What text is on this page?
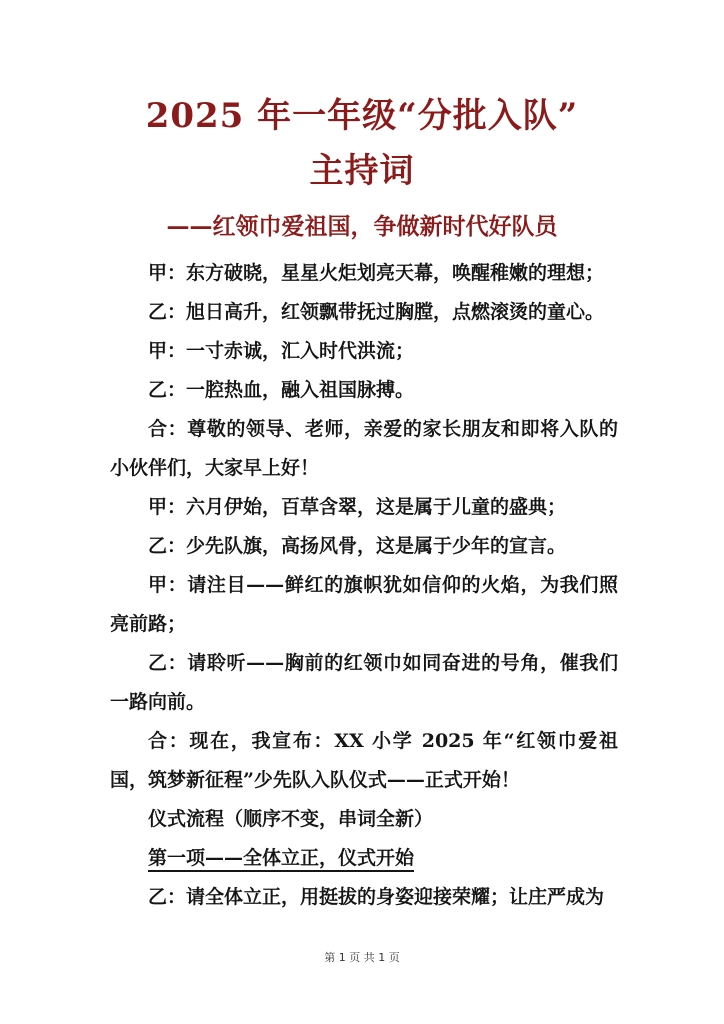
2025 年一年级“分批入队”
主持词
——红领巾爱祖国，争做新时代好队员

甲：东方破晓，星星火炬划亮天幕，唤醒稚嫩的理想；

乙：旭日高升，红领飘带抚过胸膛，点燃滚烫的童心。

甲：一寸赤诚，汇入时代洪流；

乙：一腔热血，融入祖国脉搏。

合：尊敬的领导、老师，亲爱的家长朋友和即将入队的小伙伴们，大家早上好！

甲：六月伊始，百草含翠，这是属于儿童的盛典；

乙：少先队旗，高扬风骨，这是属于少年的宣言。

甲：请注目——鲜红的旗帜犹如信仰的火焰，为我们照亮前路；

乙：请聆听——胸前的红领巾如同奋进的号角，催我们一路向前。

合：现在，我宣布：XX 小学 2025 年“红领巾爱祖国，筑梦新征程”少先队入队仪式——正式开始！

仪式流程（顺序不变，串词全新）

第一项——全体立正，仪式开始

乙：请全体立正，用挺拔的身姿迎接荣耀；让庄严成为

第 1 页 共 1 页
